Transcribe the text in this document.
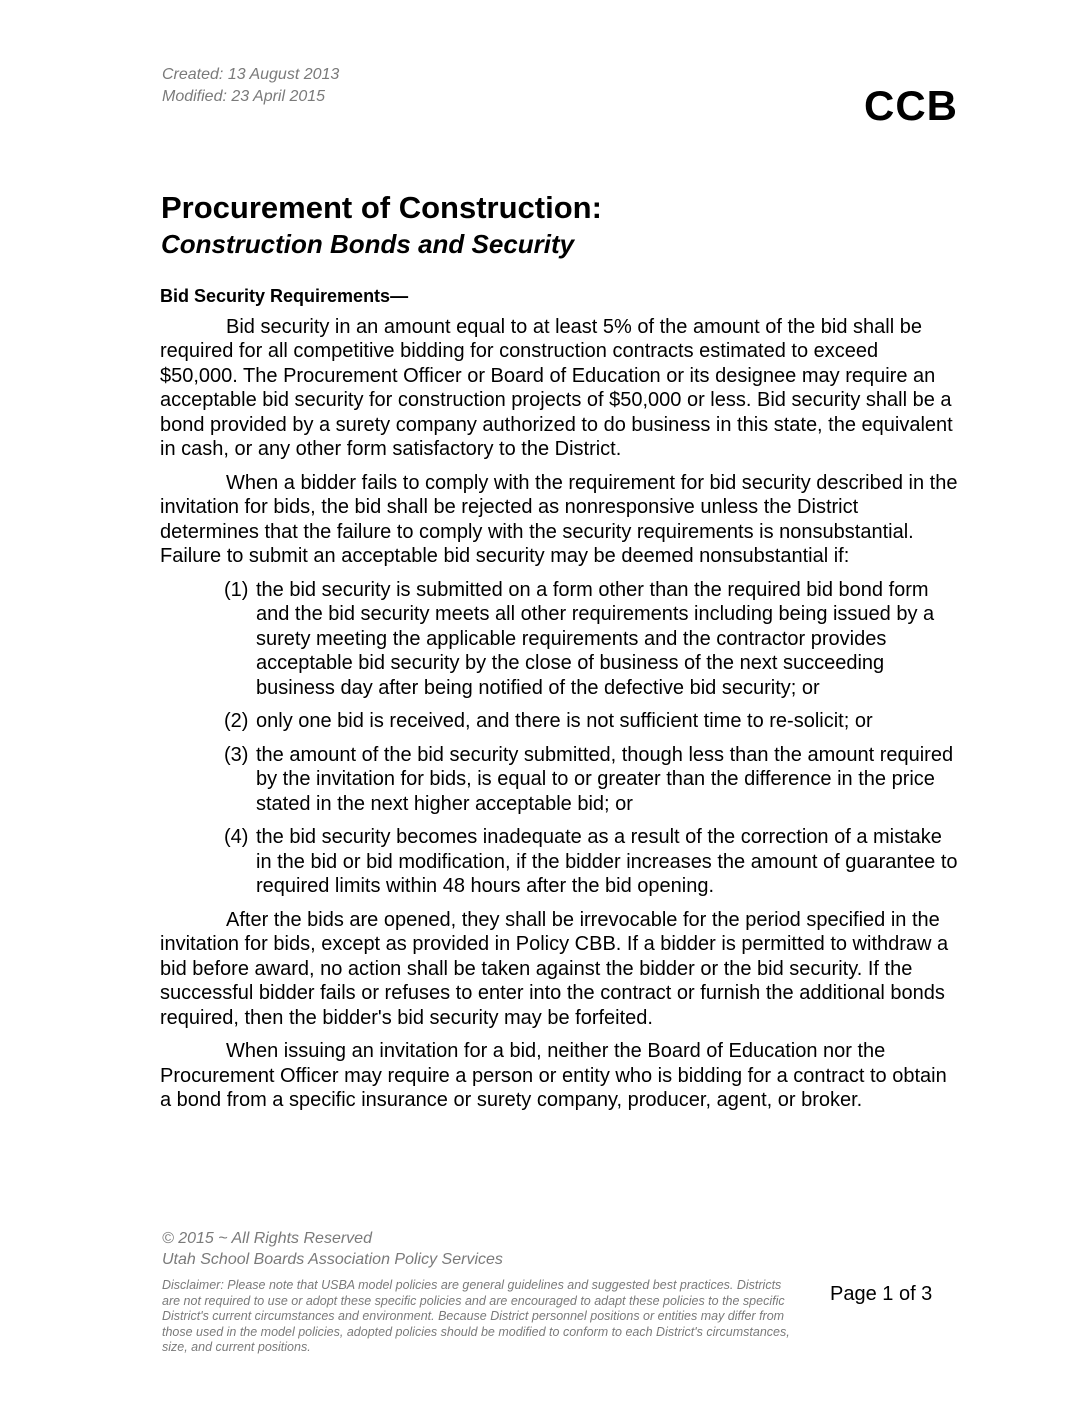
Created: 13 August 2013
Modified: 23 April 2015	CCB
Procurement of Construction:
Construction Bonds and Security
Bid Security Requirements—

Bid security in an amount equal to at least 5% of the amount of the bid shall be required for all competitive bidding for construction contracts estimated to exceed $50,000. The Procurement Officer or Board of Education or its designee may require an acceptable bid security for construction projects of $50,000 or less. Bid security shall be a bond provided by a surety company authorized to do business in this state, the equivalent in cash, or any other form satisfactory to the District.

When a bidder fails to comply with the requirement for bid security described in the invitation for bids, the bid shall be rejected as nonresponsive unless the District determines that the failure to comply with the security requirements is nonsubstantial. Failure to submit an acceptable bid security may be deemed nonsubstantial if:

(1) the bid security is submitted on a form other than the required bid bond form and the bid security meets all other requirements including being issued by a surety meeting the applicable requirements and the contractor provides acceptable bid security by the close of business of the next succeeding business day after being notified of the defective bid security; or
(2) only one bid is received, and there is not sufficient time to re-solicit; or
(3) the amount of the bid security submitted, though less than the amount required by the invitation for bids, is equal to or greater than the difference in the price stated in the next higher acceptable bid; or
(4) the bid security becomes inadequate as a result of the correction of a mistake in the bid or bid modification, if the bidder increases the amount of guarantee to required limits within 48 hours after the bid opening.

After the bids are opened, they shall be irrevocable for the period specified in the invitation for bids, except as provided in Policy CBB. If a bidder is permitted to withdraw a bid before award, no action shall be taken against the bidder or the bid security. If the successful bidder fails or refuses to enter into the contract or furnish the additional bonds required, then the bidder's bid security may be forfeited.

When issuing an invitation for a bid, neither the Board of Education nor the Procurement Officer may require a person or entity who is bidding for a contract to obtain a bond from a specific insurance or surety company, producer, agent, or broker.

© 2015 ~ All Rights Reserved
Utah School Boards Association Policy Services
Disclaimer: Please note that USBA model policies are general guidelines and suggested best practices. Districts are not required to use or adopt these specific policies and are encouraged to adapt these policies to the specific District's current circumstances and environment. Because District personnel positions or entities may differ from those used in the model policies, adopted policies should be modified to conform to each District's circumstances, size, and current positions.
Page 1 of 3
